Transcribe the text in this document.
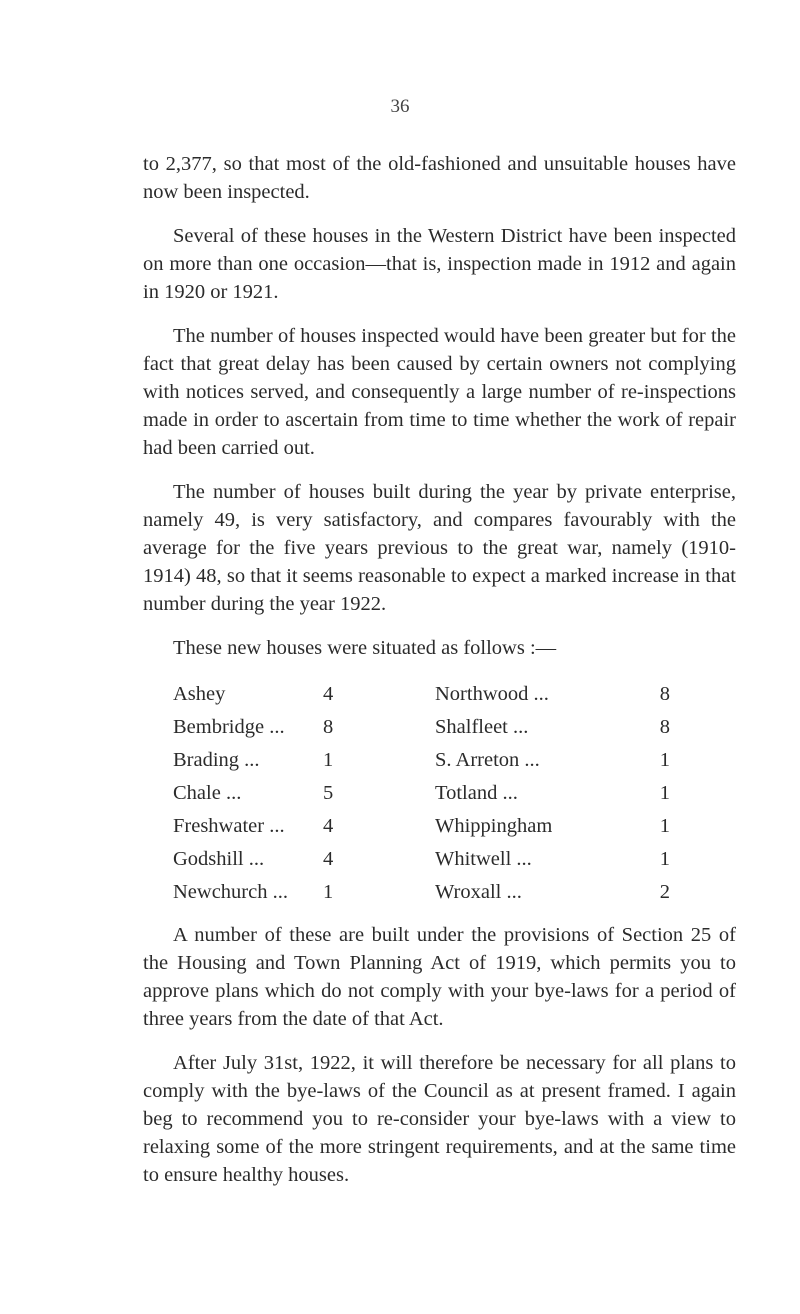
36

to 2,377, so that most of the old-fashioned and unsuitable houses have now been inspected.

Several of these houses in the Western District have been inspected on more than one occasion—that is, inspection made in 1912 and again in 1920 or 1921.

The number of houses inspected would have been greater but for the fact that great delay has been caused by certain owners not complying with notices served, and consequently a large number of re-inspections made in order to ascertain from time to time whether the work of repair had been carried out.

The number of houses built during the year by private enterprise, namely 49, is very satisfactory, and compares favourably with the average for the five years previous to the great war, namely (1910-1914) 48, so that it seems reasonable to expect a marked increase in that number during the year 1922.

These new houses were situated as follows :—

Ashey	4	Northwood ...	8
Bembridge ...	8	Shalfleet ...	8
Brading ...	1	S. Arreton ...	1
Chale ...	5	Totland ...	1
Freshwater ...	4	Whippingham	1
Godshill ...	4	Whitwell ...	1
Newchurch ...	1	Wroxall ...	2

A number of these are built under the provisions of Section 25 of the Housing and Town Planning Act of 1919, which permits you to approve plans which do not comply with your bye-laws for a period of three years from the date of that Act.

After July 31st, 1922, it will therefore be necessary for all plans to comply with the bye-laws of the Council as at present framed. I again beg to recommend you to re-consider your bye-laws with a view to relaxing some of the more stringent requirements, and at the same time to ensure healthy houses.
